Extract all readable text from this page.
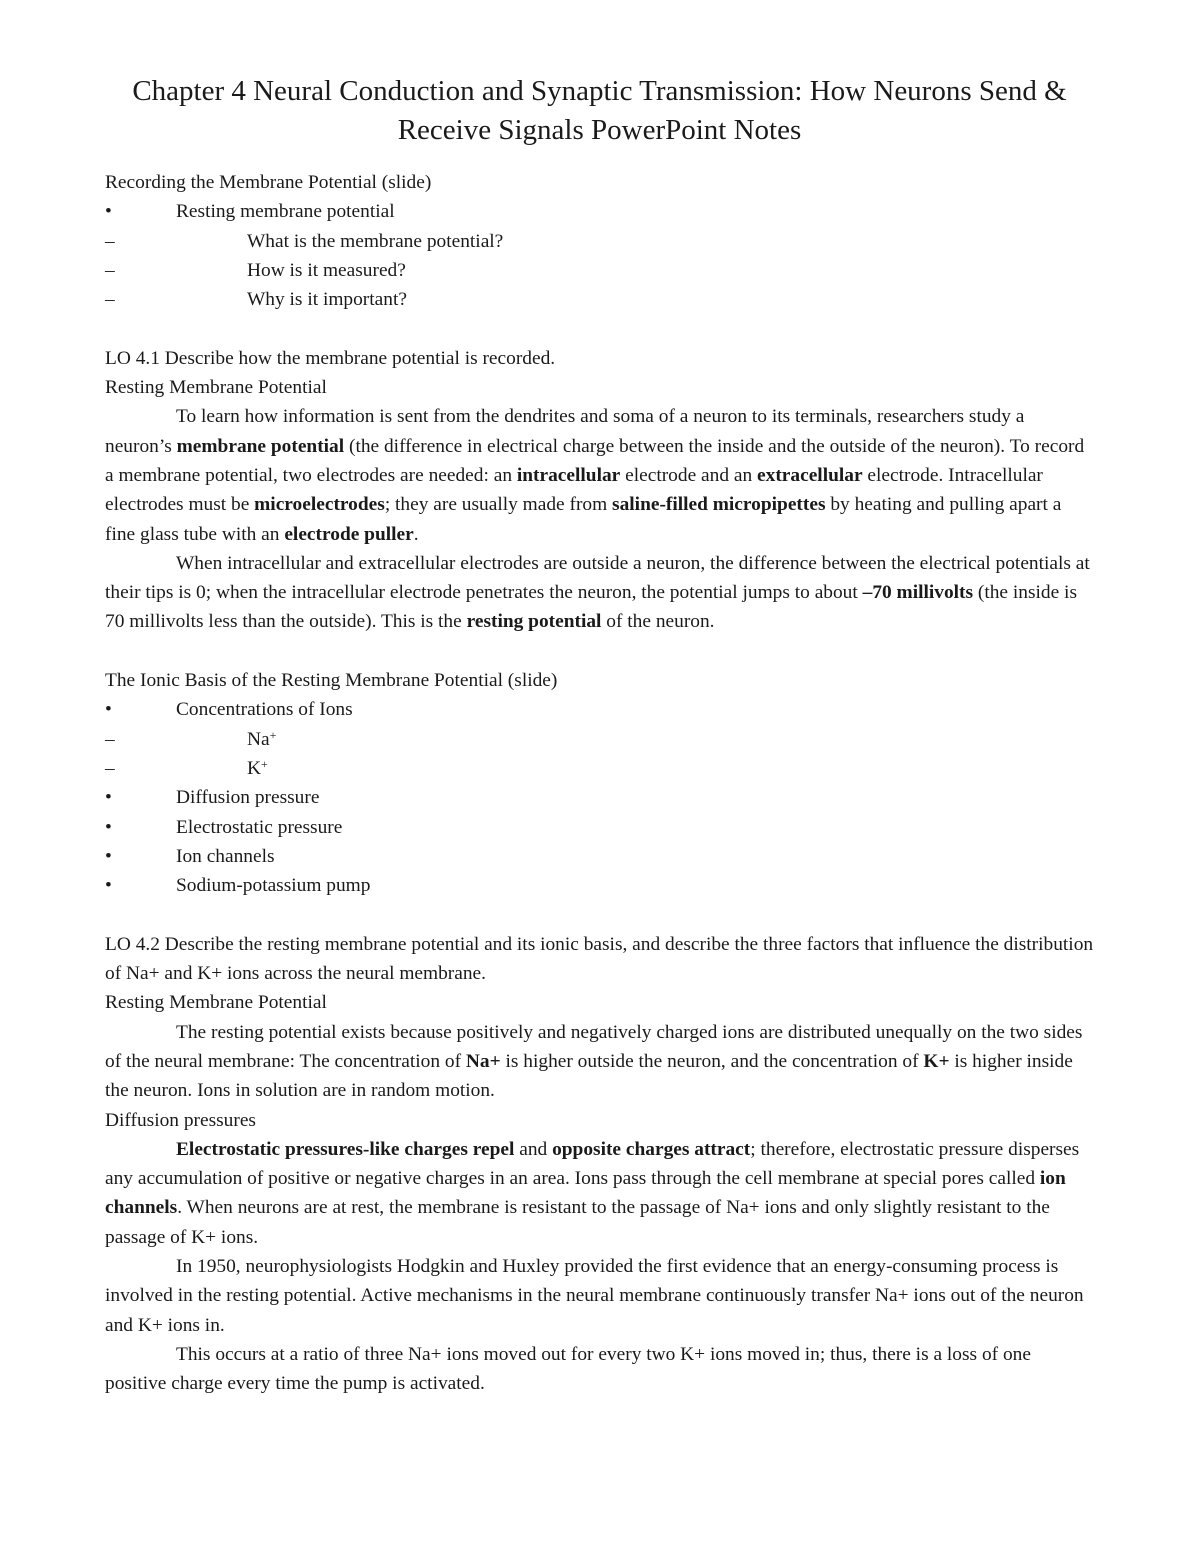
Chapter 4 Neural Conduction and Synaptic Transmission: How Neurons Send & Receive Signals PowerPoint Notes

Recording the Membrane Potential (slide)

•	Resting membrane potential
–	What is the membrane potential?
–	How is it measured?
–	Why is it important?

LO 4.1 Describe how the membrane potential is recorded.

Resting Membrane Potential

To learn how information is sent from the dendrites and soma of a neuron to its terminals, researchers study a neuron’s membrane potential (the difference in electrical charge between the inside and the outside of the neuron). To record a membrane potential, two electrodes are needed: an intracellular electrode and an extracellular electrode. Intracellular electrodes must be microelectrodes; they are usually made from saline-filled micropipettes by heating and pulling apart a fine glass tube with an electrode puller.

When intracellular and extracellular electrodes are outside a neuron, the difference between the electrical potentials at their tips is 0; when the intracellular electrode penetrates the neuron, the potential jumps to about –70 millivolts (the inside is 70 millivolts less than the outside). This is the resting potential of the neuron.

The Ionic Basis of the Resting Membrane Potential (slide)

•	Concentrations of Ions
–	Na+
–	K+
•	Diffusion pressure
•	Electrostatic pressure
•	Ion channels
•	Sodium-potassium pump

LO 4.2 Describe the resting membrane potential and its ionic basis, and describe the three factors that influence the distribution of Na+ and K+ ions across the neural membrane.

Resting Membrane Potential

The resting potential exists because positively and negatively charged ions are distributed unequally on the two sides of the neural membrane: The concentration of Na+ is higher outside the neuron, and the concentration of K+ is higher inside the neuron. Ions in solution are in random motion.

Diffusion pressures

Electrostatic pressures-like charges repel and opposite charges attract; therefore, electrostatic pressure disperses any accumulation of positive or negative charges in an area. Ions pass through the cell membrane at special pores called ion channels. When neurons are at rest, the membrane is resistant to the passage of Na+ ions and only slightly resistant to the passage of K+ ions.

In 1950, neurophysiologists Hodgkin and Huxley provided the first evidence that an energy-consuming process is involved in the resting potential. Active mechanisms in the neural membrane continuously transfer Na+ ions out of the neuron and K+ ions in.

This occurs at a ratio of three Na+ ions moved out for every two K+ ions moved in; thus, there is a loss of one positive charge every time the pump is activated.
